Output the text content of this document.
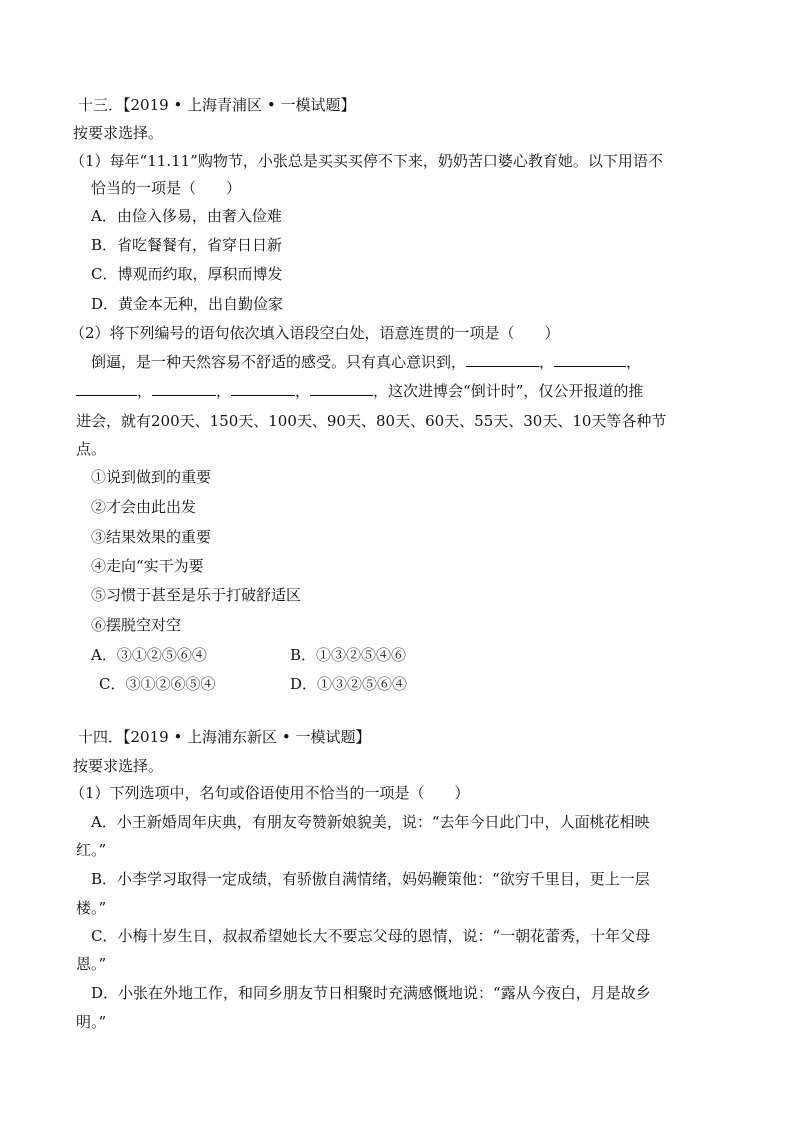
十三．【2019 • 上海青浦区 • 一模试题】
按要求选择。
（1）每年“11.11”购物节，小张总是买买买停不下来，奶奶苦口婆心教育她。以下用语不
恰当的一项是（　　）
A．由俭入侈易，由奢入俭难
B．省吃餐餐有，省穿日日新
C．博观而约取，厚积而博发
D．黄金本无种，出自勤俭家
（2）将下列编号的语句依次填入语段空白处，语意连贯的一项是（　　）
倒逼，是一种天然容易不舒适的感受。只有真心意识到，	，	，
，	，	，	，这次进博会“倒计时”，仅公开报道的推
进会，就有200天、150天、100天、90天、80天、60天、55天、30天、10天等各种节
点。
①说到做到的重要
②才会由此出发
③结果效果的重要
④走向“实干为要
⑤习惯于甚至是乐于打破舒适区
⑥摆脱空对空
A．③①②⑤⑥④	B．①③②⑤④⑥
C．③①②⑥⑤④	D．①③②⑤⑥④
十四．【2019 • 上海浦东新区 • 一模试题】
按要求选择。
（1）下列选项中，名句或俗语使用不恰当的一项是（　　）
A．小王新婚周年庆典，有朋友夸赞新娘貌美，说：“去年今日此门中，人面桃花相映
红。”
B．小李学习取得一定成绩，有骄傲自满情绪，妈妈鞭策他：“欲穷千里目，更上一层
楼。”
C．小梅十岁生日，叔叔希望她长大不要忘父母的恩情，说：“一朝花蕾秀，十年父母
恩。”
D．小张在外地工作，和同乡朋友节日相聚时充满感慨地说：“露从今夜白，月是故乡
明。”
